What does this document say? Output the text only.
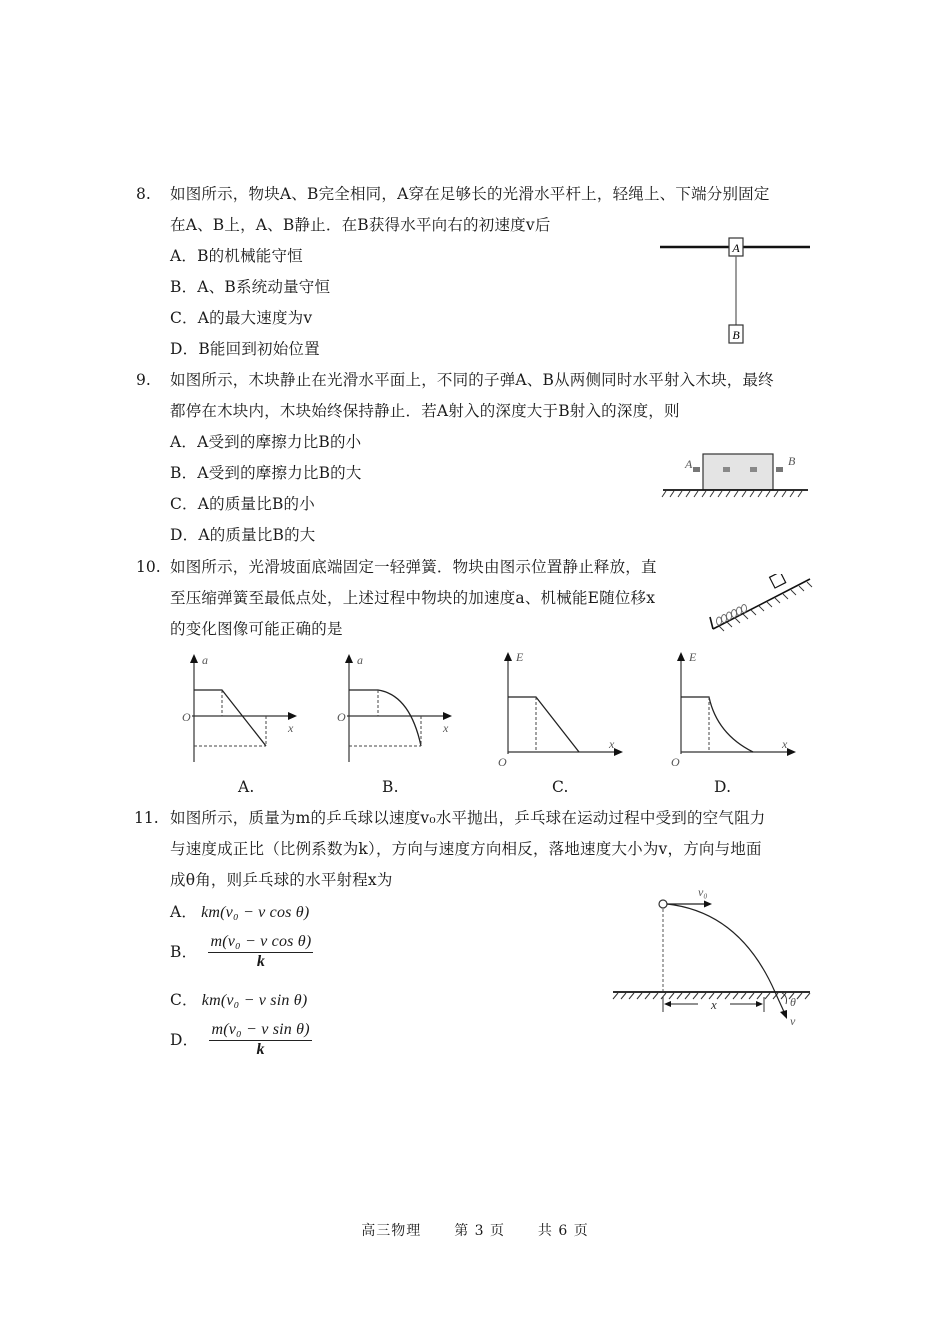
8. 如图所示，物块A、B完全相同，A穿在足够长的光滑水平杆上，轻绳上、下端分别固定
在A、B上，A、B静止．在B获得水平向右的初速度v后
A．B的机械能守恒
B．A、B系统动量守恒
C．A的最大速度为v
D．B能回到初始位置
A
B
9. 如图所示，木块静止在光滑水平面上，不同的子弹A、B从两侧同时水平射入木块，最终
都停在木块内，木块始终保持静止．若A射入的深度大于B射入的深度，则
A．A受到的摩擦力比B的小
B．A受到的摩擦力比B的大
C．A的质量比B的小
D．A的质量比B的大
A	B
10. 如图所示，光滑坡面底端固定一轻弹簧．物块由图示位置静止释放，直
至压缩弹簧至最低点处，上述过程中物块的加速度a、机械能E随位移x
的变化图像可能正确的是
a
x
O
A.
a
x
O
B.
E
x
O
C.
E
x
O
D.
11. 如图所示，质量为m的乒乓球以速度v₀水平抛出，乒乓球在运动过程中受到的空气阻力
与速度成正比（比例系数为k），方向与速度方向相反，落地速度大小为v，方向与地面
成θ角，则乒乓球的水平射程x为
A． km(v₀ − v cos θ)
B． $\frac{\text{m(v₀ − v cos θ)}}{k}$
C． km(v₀ − v sin θ)
D． $\frac{\text{m(v₀ − v sin θ)}}{k}$
v₀
θ
v
x
高三物理 第 3 页 共 6 页
